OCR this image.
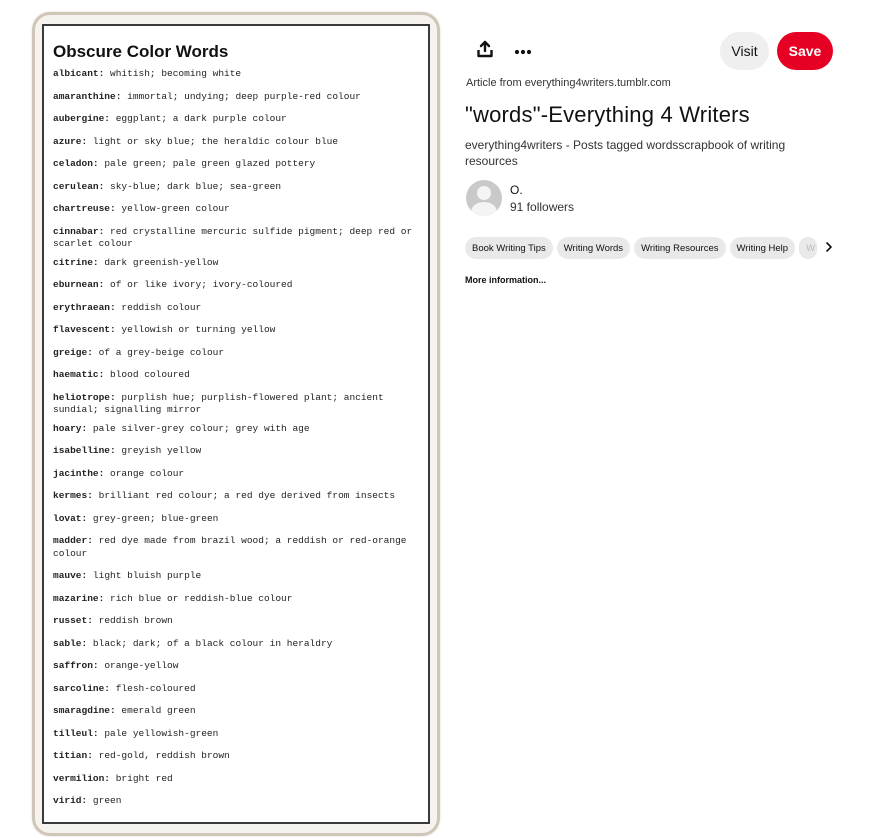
Obscure Color Words
albicant: whitish; becoming white
amaranthine: immortal; undying; deep purple-red colour
aubergine: eggplant; a dark purple colour
azure: light or sky blue; the heraldic colour blue
celadon: pale green; pale green glazed pottery
cerulean: sky-blue; dark blue; sea-green
chartreuse: yellow-green colour
cinnabar: red crystalline mercuric sulfide pigment; deep red or scarlet colour
citrine: dark greenish-yellow
eburnean: of or like ivory; ivory-coloured
erythraean: reddish colour
flavescent: yellowish or turning yellow
greige: of a grey-beige colour
haematic: blood coloured
heliotrope: purplish hue; purplish-flowered plant; ancient sundial; signalling mirror
hoary: pale silver-grey colour; grey with age
isabelline: greyish yellow
jacinthe: orange colour
kermes: brilliant red colour; a red dye derived from insects
lovat: grey-green; blue-green
madder: red dye made from brazil wood; a reddish or red-orange colour
mauve: light bluish purple
mazarine: rich blue or reddish-blue colour
russet: reddish brown
sable: black; dark; of a black colour in heraldry
saffron: orange-yellow
sarcoline: flesh-coloured
smaragdine: emerald green
tilleul: pale yellowish-green
titian: red-gold, reddish brown
vermilion: bright red
virid: green
Visit	Save
Article from everything4writers.tumblr.com
"words"-Everything 4 Writers
everything4writers - Posts tagged wordsscrapbook of writing resources
O.
91 followers
Book Writing Tips	Writing Words	Writing Resources	Writing Help	W
More information...
